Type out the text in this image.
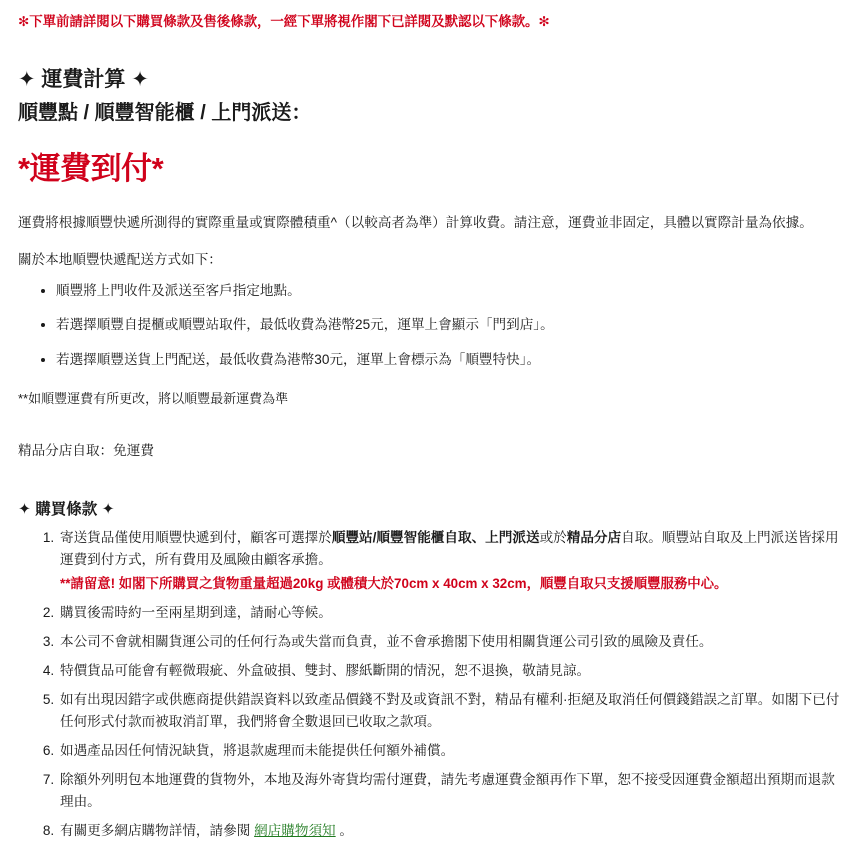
✻下單前請詳閱以下購買條款及售後條款，一經下單將視作閣下已詳閱及默認以下條款。✻

✦ 運費計算 ✦
順豐點 / 順豐智能櫃 / 上門派送：
*運費到付*

運費將根據順豐快遞所測得的實際重量或實際體積重^（以較高者為準）計算收費。請注意，運費並非固定，具體以實際計量為依據。

關於本地順豐快遞配送方式如下：

• 順豐將上門收件及派送至客戶指定地點。
• 若選擇順豐自提櫃或順豐站取件，最低收費為港幣25元，運單上會顯示「門到店」。
• 若選擇順豐送貨上門配送，最低收費為港幣30元，運單上會標示為「順豐特快」。

**如順豐運費有所更改，將以順豐最新運費為準

精品分店自取：免運費

✦ 購買條款 ✦
1. 寄送貨品僅使用順豐快遞到付，顧客可選擇於順豐站/順豐智能櫃自取、上門派送或於精品分店自取。順豐站自取及上門派送皆採用運費到付方式，所有費用及風險由顧客承擔。
**請留意! 如閣下所購買之貨物重量超過20kg 或體積大於70cm x 40cm x 32cm，順豐自取只支援順豐服務中心。
2. 購買後需時約一至兩星期到達，請耐心等候。
3. 本公司不會就相關貨運公司的任何行為或失當而負責，並不會承擔閣下使用相關貨運公司引致的風險及責任。
4. 特價貨品可能會有輕微瑕疵、外盒破損、雙封、膠紙斷開的情況，恕不退換，敬請見諒。
5. 如有出現因錯字或供應商提供錯誤資料以致產品價錢不對及或資訊不對，精品有權利·拒絕及取消任何價錢錯誤之訂單。如閣下已付任何形式付款而被取消訂單，我們將會全數退回已收取之款項。
6. 如遇產品因任何情況缺貨，將退款處理而未能提供任何額外補償。
7. 除額外列明包本地運費的貨物外，本地及海外寄貨均需付運費，請先考慮運費金額再作下單，恕不接受因運費金額超出預期而退款理由。
8. 有關更多網店購物詳情，請參閱 網店購物須知 。
